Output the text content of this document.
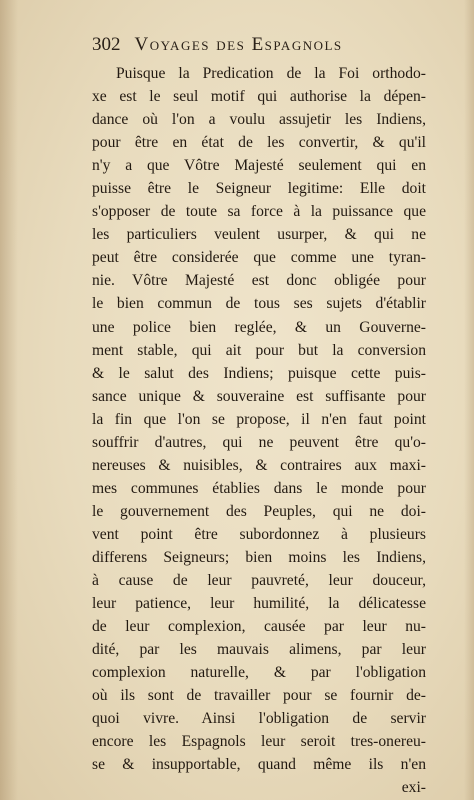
302 Voyages des Espagnols
Puisque la Predication de la Foi orthodo-
xe est le seul motif qui authorise la dépen-
dance où l'on a voulu assujetir les Indiens,
pour être en état de les convertir, & qu'il
n'y a que Vôtre Majesté seulement qui en
puisse être le Seigneur legitime: Elle doit
s'opposer de toute sa force à la puissance que
les particuliers veulent usurper, & qui ne
peut être considerée que comme une tyran-
nie. Vôtre Majesté est donc obligée pour
le bien commun de tous ses sujets d'établir
une police bien reglée, & un Gouverne-
ment stable, qui ait pour but la conversion
& le salut des Indiens; puisque cette puis-
sance unique & souveraine est suffisante pour
la fin que l'on se propose, il n'en faut point
souffrir d'autres, qui ne peuvent être qu'o-
nereuses & nuisibles, & contraires aux maxi-
mes communes établies dans le monde pour
le gouvernement des Peuples, qui ne doi-
vent point être subordonnez à plusieurs
differens Seigneurs; bien moins les Indiens,
à cause de leur pauvreté, leur douceur,
leur patience, leur humilité, la délicatesse
de leur complexion, causée par leur nu-
dité, par les mauvais alimens, par leur
complexion naturelle, & par l'obligation
où ils sont de travailler pour se fournir de-
quoi vivre. Ainsi l'obligation de servir
encore les Espagnols leur seroit tres-onereu-
se & insupportable, quand même ils n'en
exi-
